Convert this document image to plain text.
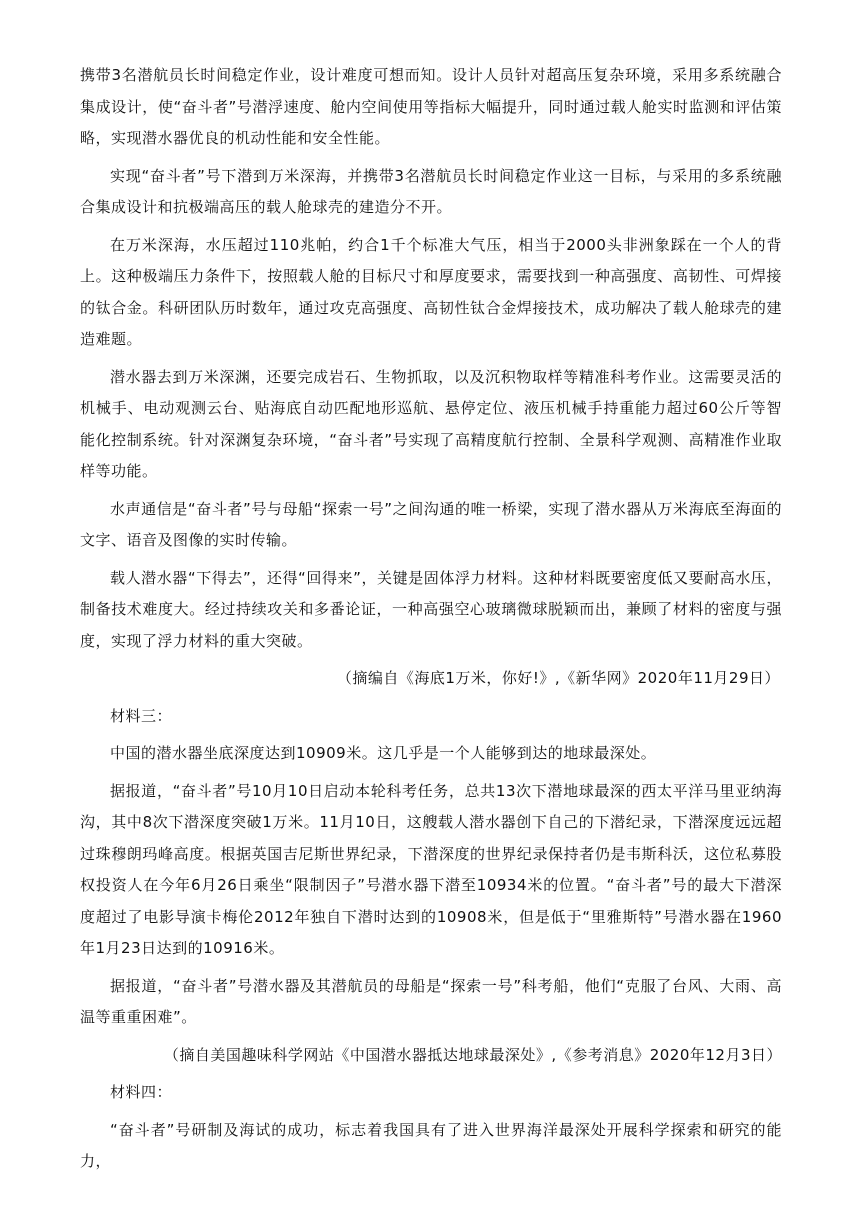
携带3名潜航员长时间稳定作业，设计难度可想而知。设计人员针对超高压复杂环境，采用多系统融合集成设计，使“奋斗者”号潜浮速度、舱内空间使用等指标大幅提升，同时通过载人舱实时监测和评估策略，实现潜水器优良的机动性能和安全性能。

实现“奋斗者”号下潜到万米深海，并携带3名潜航员长时间稳定作业这一目标，与采用的多系统融合集成设计和抗极端高压的载人舱球壳的建造分不开。

在万米深海，水压超过110兆帕，约合1千个标准大气压，相当于2000头非洲象踩在一个人的背上。这种极端压力条件下，按照载人舱的目标尺寸和厚度要求，需要找到一种高强度、高韧性、可焊接的钛合金。科研团队历时数年，通过攻克高强度、高韧性钛合金焊接技术，成功解决了载人舱球壳的建造难题。

潜水器去到万米深渊，还要完成岩石、生物抓取，以及沉积物取样等精准科考作业。这需要灵活的机械手、电动观测云台、贴海底自动匹配地形巡航、悬停定位、液压机械手持重能力超过60公斤等智能化控制系统。针对深渊复杂环境，“奋斗者”号实现了高精度航行控制、全景科学观测、高精准作业取样等功能。

水声通信是“奋斗者”号与母船“探索一号”之间沟通的唯一桥梁，实现了潜水器从万米海底至海面的文字、语音及图像的实时传输。

载人潜水器“下得去”，还得“回得来”，关键是固体浮力材料。这种材料既要密度低又要耐高水压，制备技术难度大。经过持续攻关和多番论证，一种高强空心玻璃微球脱颖而出，兼顾了材料的密度与强度，实现了浮力材料的重大突破。

（摘编自《海底1万米，你好!》,《新华网》2020年11月29日）

材料三：

中国的潜水器坐底深度达到10909米。这几乎是一个人能够到达的地球最深处。

据报道，“奋斗者”号10月10日启动本轮科考任务，总共13次下潜地球最深的西太平洋马里亚纳海沟，其中8次下潜深度突破1万米。11月10日，这艘载人潜水器创下自己的下潜纪录，下潜深度远远超过珠穆朗玛峰高度。根据英国吉尼斯世界纪录，下潜深度的世界纪录保持者仍是韦斯科沃，这位私募股权投资人在今年6月26日乘坐“限制因子”号潜水器下潜至10934米的位置。“奋斗者”号的最大下潜深度超过了电影导演卡梅伦2012年独自下潜时达到的10908米，但是低于“里雅斯特”号潜水器在1960年1月23日达到的10916米。

据报道，“奋斗者”号潜水器及其潜航员的母船是“探索一号”科考船，他们“克服了台风、大雨、高温等重重困难”。

（摘自美国趣味科学网站《中国潜水器抵达地球最深处》,《参考消息》2020年12月3日）

材料四：

“奋斗者”号研制及海试的成功，标志着我国具有了进入世界海洋最深处开展科学探索和研究的能力，
